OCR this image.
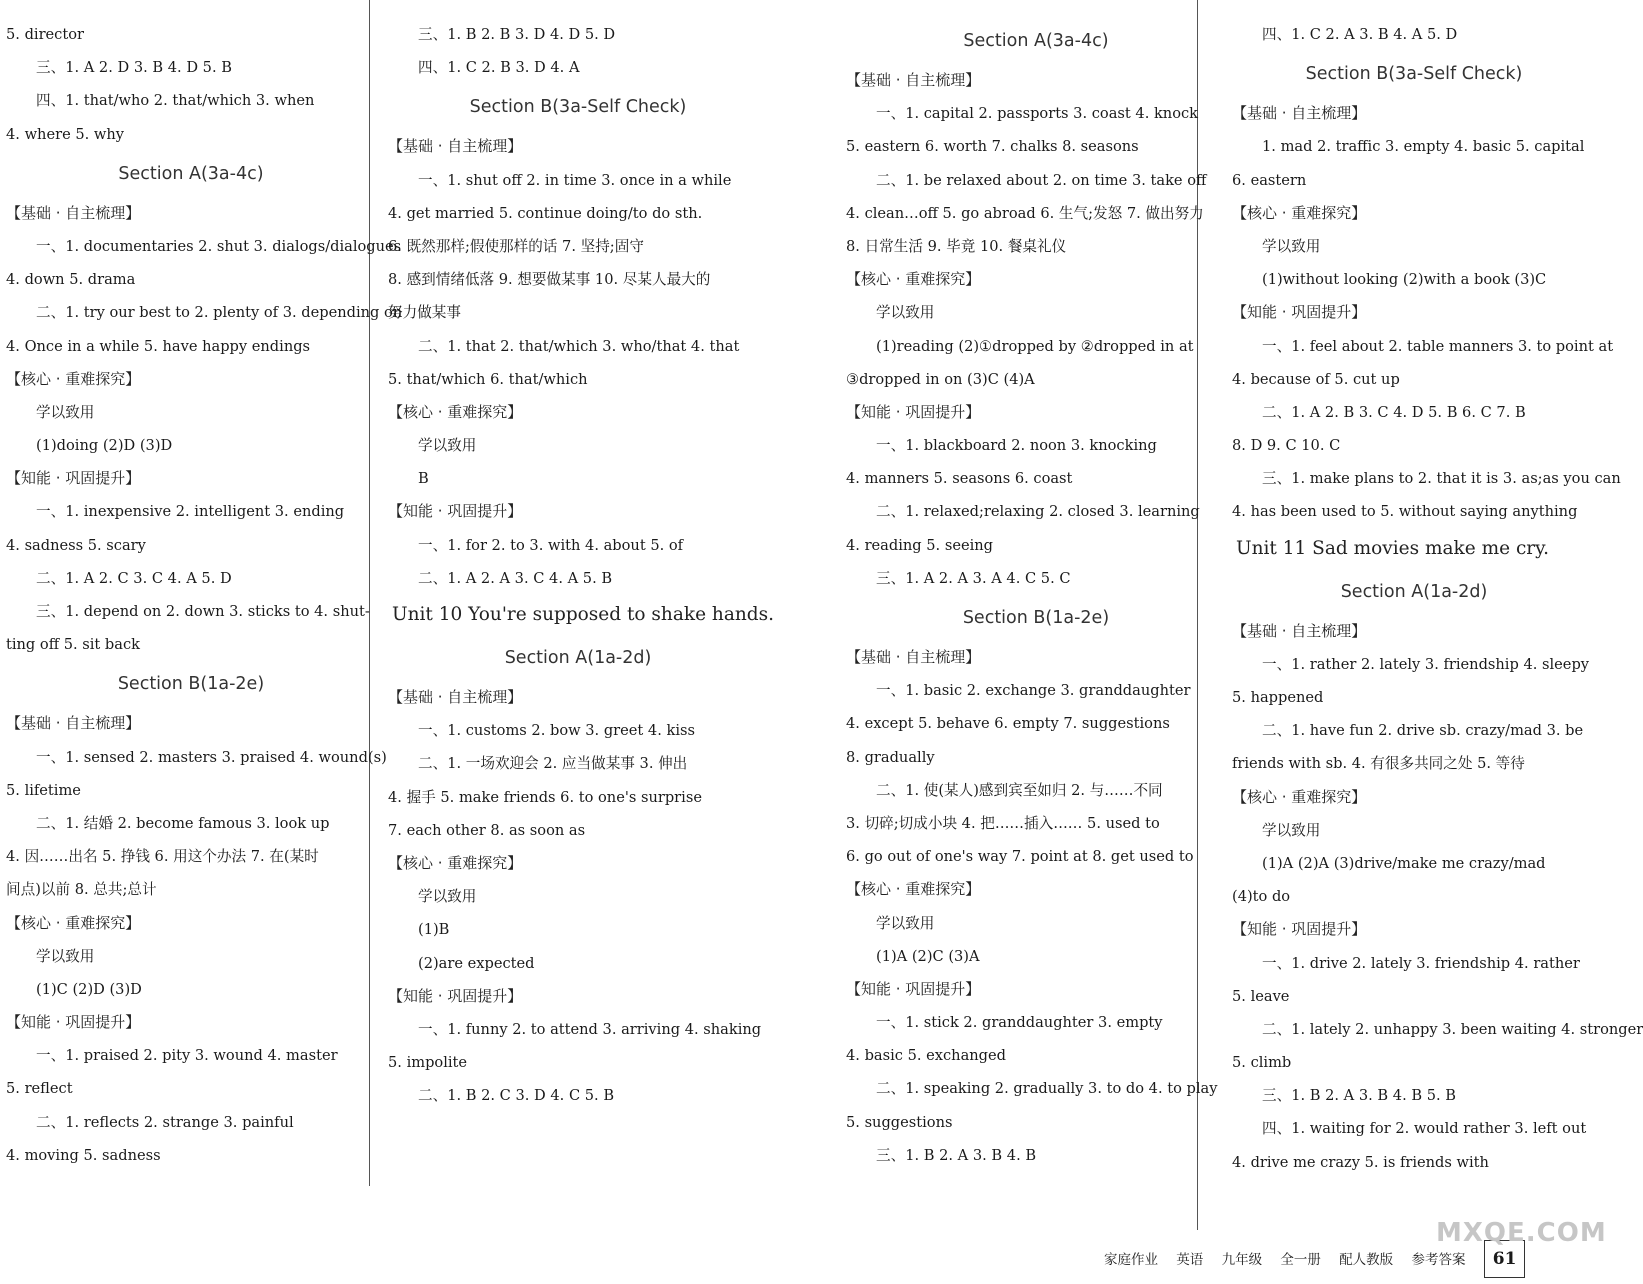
5. director
三、1. A 2. D 3. B 4. D 5. B
四、1. that/who 2. that/which 3. when
4. where 5. why
Section A(3a-4c)
【基础 · 自主梳理】
一、1. documentaries 2. shut 3. dialogs/dialogues
4. down 5. drama
二、1. try our best to 2. plenty of 3. depending on
4. Once in a while 5. have happy endings
【核心 · 重难探究】
学以致用
(1)doing (2)D (3)D
【知能 · 巩固提升】
一、1. inexpensive 2. intelligent 3. ending
4. sadness 5. scary
二、1. A 2. C 3. C 4. A 5. D
三、1. depend on 2. down 3. sticks to 4. shut-
ting off 5. sit back
Section B(1a-2e)
【基础 · 自主梳理】
一、1. sensed 2. masters 3. praised 4. wound(s)
5. lifetime
二、1. 结婚 2. become famous 3. look up
4. 因……出名 5. 挣钱 6. 用这个办法 7. 在(某时
间点)以前 8. 总共;总计
【核心 · 重难探究】
学以致用
(1)C (2)D (3)D
【知能 · 巩固提升】
一、1. praised 2. pity 3. wound 4. master
5. reflect
二、1. reflects 2. strange 3. painful
4. moving 5. sadness
三、1. B 2. B 3. D 4. D 5. D
四、1. C 2. B 3. D 4. A
Section B(3a-Self Check)
【基础 · 自主梳理】
一、1. shut off 2. in time 3. once in a while
4. get married 5. continue doing/to do sth.
6. 既然那样;假使那样的话 7. 坚持;固守
8. 感到情绪低落 9. 想要做某事 10. 尽某人最大的
努力做某事
二、1. that 2. that/which 3. who/that 4. that
5. that/which 6. that/which
【核心 · 重难探究】
学以致用
B
【知能 · 巩固提升】
一、1. for 2. to 3. with 4. about 5. of
二、1. A 2. A 3. C 4. A 5. B
Unit 10 You're supposed to shake hands.
Section A(1a-2d)
【基础 · 自主梳理】
一、1. customs 2. bow 3. greet 4. kiss
二、1. 一场欢迎会 2. 应当做某事 3. 伸出
4. 握手 5. make friends 6. to one's surprise
7. each other 8. as soon as
【核心 · 重难探究】
学以致用
(1)B
(2)are expected
【知能 · 巩固提升】
一、1. funny 2. to attend 3. arriving 4. shaking
5. impolite
二、1. B 2. C 3. D 4. C 5. B
Section A(3a-4c)
【基础 · 自主梳理】
一、1. capital 2. passports 3. coast 4. knock
5. eastern 6. worth 7. chalks 8. seasons
二、1. be relaxed about 2. on time 3. take off
4. clean…off 5. go abroad 6. 生气;发怒 7. 做出努力
8. 日常生活 9. 毕竟 10. 餐桌礼仪
【核心 · 重难探究】
学以致用
(1)reading (2)①dropped by ②dropped in at
③dropped in on (3)C (4)A
【知能 · 巩固提升】
一、1. blackboard 2. noon 3. knocking
4. manners 5. seasons 6. coast
二、1. relaxed;relaxing 2. closed 3. learning
4. reading 5. seeing
三、1. A 2. A 3. A 4. C 5. C
Section B(1a-2e)
【基础 · 自主梳理】
一、1. basic 2. exchange 3. granddaughter
4. except 5. behave 6. empty 7. suggestions
8. gradually
二、1. 使(某人)感到宾至如归 2. 与……不同
3. 切碎;切成小块 4. 把……插入…… 5. used to
6. go out of one's way 7. point at 8. get used to
【核心 · 重难探究】
学以致用
(1)A (2)C (3)A
【知能 · 巩固提升】
一、1. stick 2. granddaughter 3. empty
4. basic 5. exchanged
二、1. speaking 2. gradually 3. to do 4. to play
5. suggestions
三、1. B 2. A 3. B 4. B
四、1. C 2. A 3. B 4. A 5. D
Section B(3a-Self Check)
【基础 · 自主梳理】
1. mad 2. traffic 3. empty 4. basic 5. capital
6. eastern
【核心 · 重难探究】
学以致用
(1)without looking (2)with a book (3)C
【知能 · 巩固提升】
一、1. feel about 2. table manners 3. to point at
4. because of 5. cut up
二、1. A 2. B 3. C 4. D 5. B 6. C 7. B
8. D 9. C 10. C
三、1. make plans to 2. that it is 3. as;as you can
4. has been used to 5. without saying anything
Unit 11 Sad movies make me cry.
Section A(1a-2d)
【基础 · 自主梳理】
一、1. rather 2. lately 3. friendship 4. sleepy
5. happened
二、1. have fun 2. drive sb. crazy/mad 3. be
friends with sb. 4. 有很多共同之处 5. 等待
【核心 · 重难探究】
学以致用
(1)A (2)A (3)drive/make me crazy/mad
(4)to do
【知能 · 巩固提升】
一、1. drive 2. lately 3. friendship 4. rather
5. leave
二、1. lately 2. unhappy 3. been waiting 4. stronger
5. climb
三、1. B 2. A 3. B 4. B 5. B
四、1. waiting for 2. would rather 3. left out
4. drive me crazy 5. is friends with
家庭作业 英语 九年级 全一册 配人教版 参考答案 61
MXQE.COM
